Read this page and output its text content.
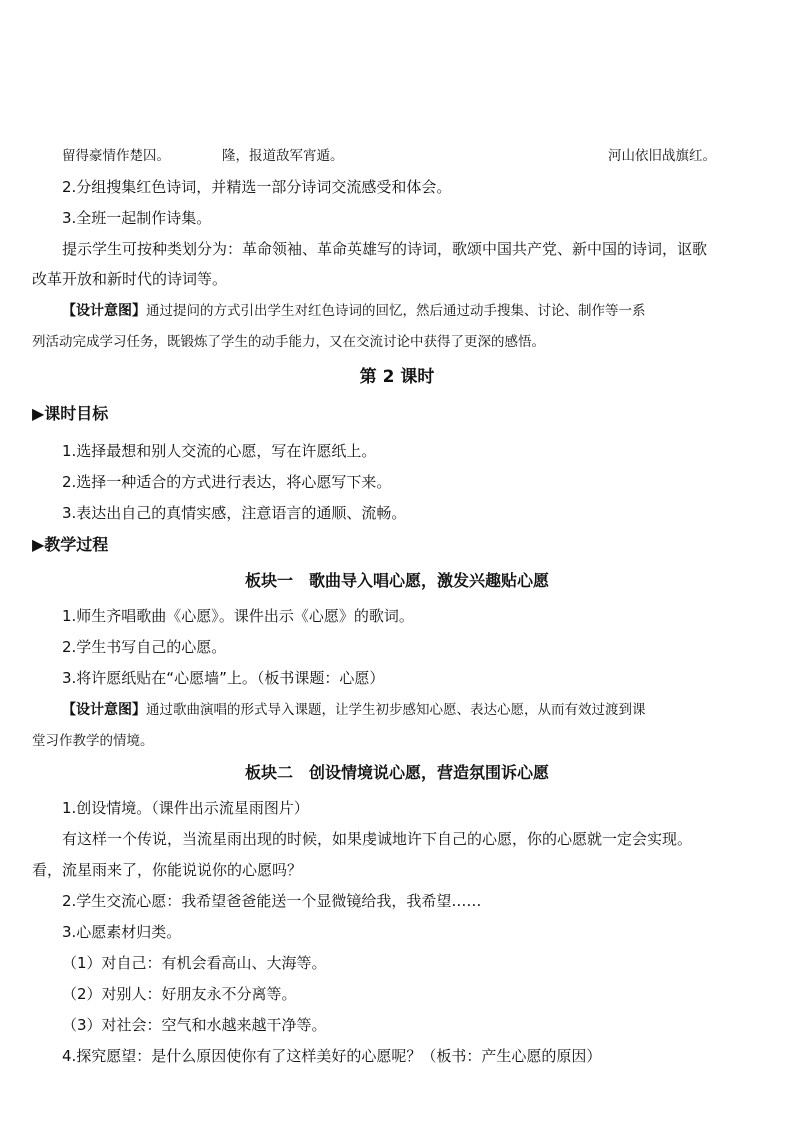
留得豪情作楚囚。	隆，报道敌军宵遁。	河山依旧战旗红。
2.分组搜集红色诗词，并精选一部分诗词交流感受和体会。
3.全班一起制作诗集。
提示学生可按种类划分为：革命领袖、革命英雄写的诗词，歌颂中国共产党、新中国的诗词，讴歌
改革开放和新时代的诗词等。
【设计意图】通过提问的方式引出学生对红色诗词的回忆，然后通过动手搜集、讨论、制作等一系
列活动完成学习任务，既锻炼了学生的动手能力，又在交流讨论中获得了更深的感悟。
第 2 课时
▶课时目标
1.选择最想和别人交流的心愿，写在许愿纸上。
2.选择一种适合的方式进行表达，将心愿写下来。
3.表达出自己的真情实感，注意语言的通顺、流畅。
▶教学过程
板块一　歌曲导入唱心愿，激发兴趣贴心愿
1.师生齐唱歌曲《心愿》。课件出示《心愿》的歌词。
2.学生书写自己的心愿。
3.将许愿纸贴在“心愿墙”上。（板书课题：心愿）
【设计意图】通过歌曲演唱的形式导入课题，让学生初步感知心愿、表达心愿，从而有效过渡到课
堂习作教学的情境。
板块二　创设情境说心愿，营造氛围诉心愿
1.创设情境。（课件出示流星雨图片）
有这样一个传说，当流星雨出现的时候，如果虔诚地许下自己的心愿，你的心愿就一定会实现。
看，流星雨来了，你能说说你的心愿吗？
2.学生交流心愿：我希望爸爸能送一个显微镜给我，我希望……
3.心愿素材归类。
（1）对自己：有机会看高山、大海等。
（2）对别人：好朋友永不分离等。
（3）对社会：空气和水越来越干净等。
4.探究愿望：是什么原因使你有了这样美好的心愿呢？（板书：产生心愿的原因）
